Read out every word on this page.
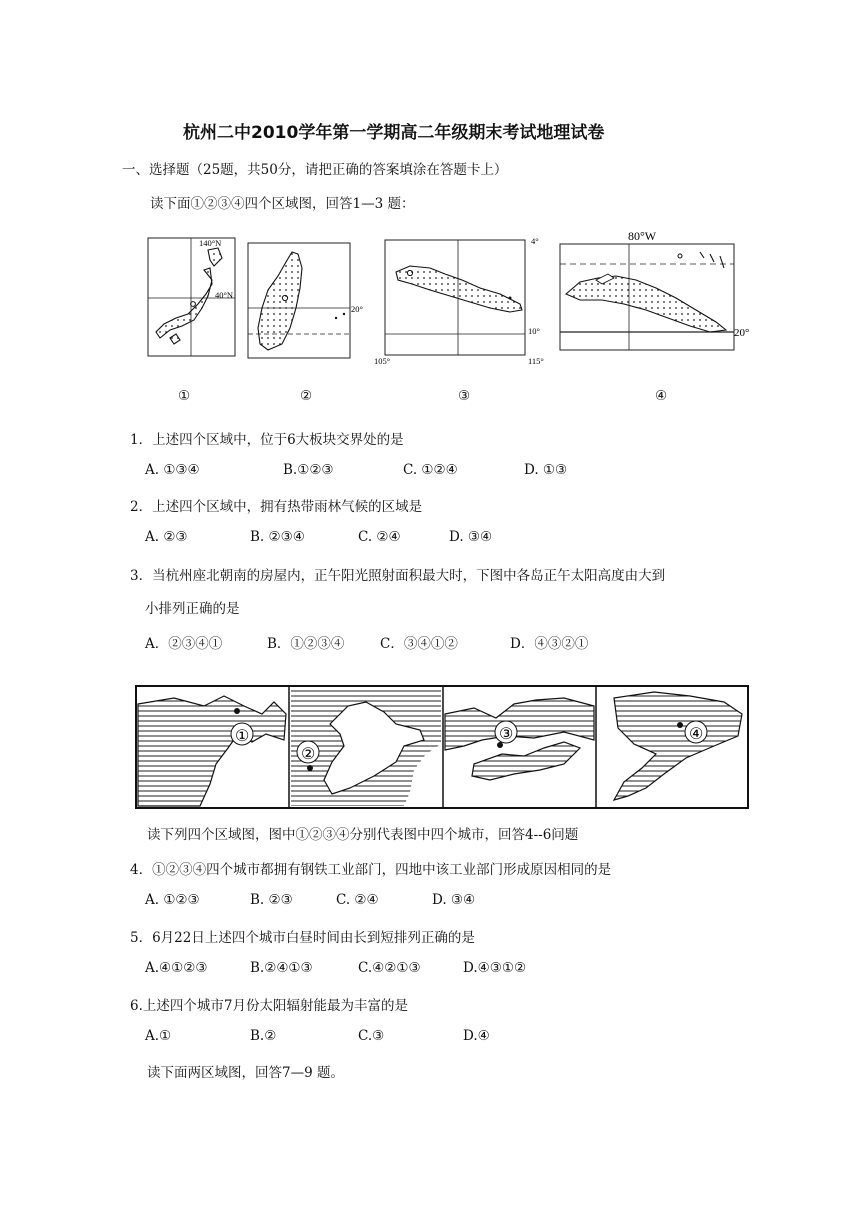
杭州二中2010学年第一学期高二年级期末考试地理试卷
一、选择题（25题，共50分，请把正确的答案填涂在答题卡上）
读下面①②③④四个区域图，回答1—3 题：
140°N
40°N
20°
4°
10°
105°	115°
80°W
20°
①	②	③	④
1．上述四个区域中，位于6大板块交界处的是
A. ①③④	B.①②③	C. ①②④	D. ①③
2．上述四个区域中，拥有热带雨林气候的区域是
A. ②③	B. ②③④	C. ②④	D. ③④
3．当杭州座北朝南的房屋内，正午阳光照射面积最大时，下图中各岛正午太阳高度由大到
小排列正确的是
A．②③④①	B．①②③④	C．③④①②	D．④③②①
①
②
③	④
读下列四个区域图，图中①②③④分别代表图中四个城市，回答4--6问题
4．①②③④四个城市都拥有钢铁工业部门，四地中该工业部门形成原因相同的是
A. ①②③	B. ②③	C. ②④	D. ③④
5．6月22日上述四个城市白昼时间由长到短排列正确的是
A.④①②③	B.②④①③	C.④②①③	D.④③①②
6.上述四个城市7月份太阳辐射能最为丰富的是
A.①	B.②	C.③	D.④
读下面两区域图，回答7—9 题。
